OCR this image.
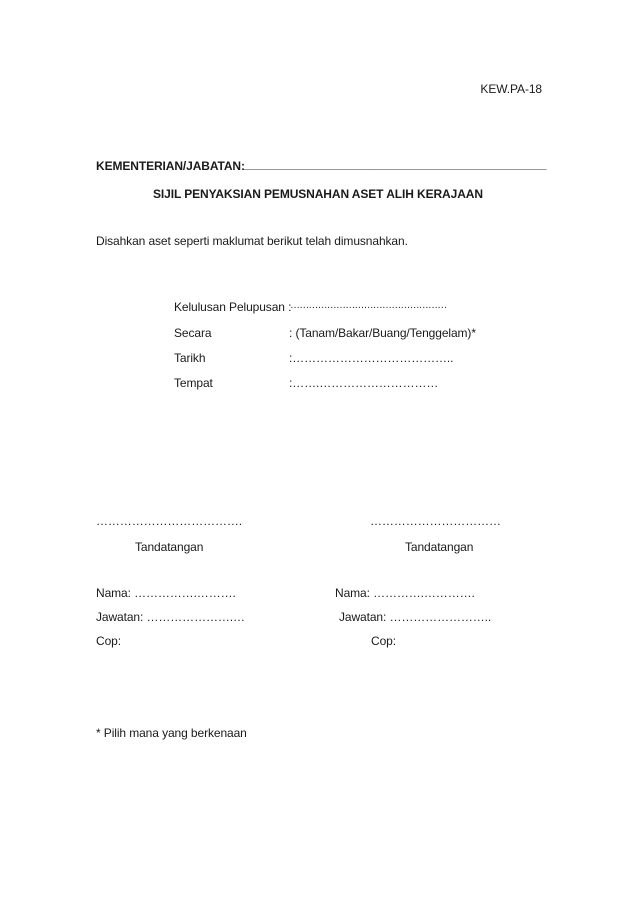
KEW.PA-18
KEMENTERIAN/JABATAN: ______________________________________________
SIJIL PENYAKSIAN PEMUSNAHAN ASET ALIH KERAJAAN
Disahkan aset seperti maklumat berikut telah dimusnahkan.
Kelulusan Pelupusan :
……………………………………………
Secara	: (Tanam/Bakar/Buang/Tenggelam)*
Tarikh	:…………………………………..
Tempat	:…….…………………………
……………………………….	……………………………
Tandatangan	Tandatangan
Nama: …………….……….	Nama: ………….………….
Jawatan: ………………….…	Jawatan: ……………………..
Cop:	Cop:
* Pilih mana yang berkenaan
